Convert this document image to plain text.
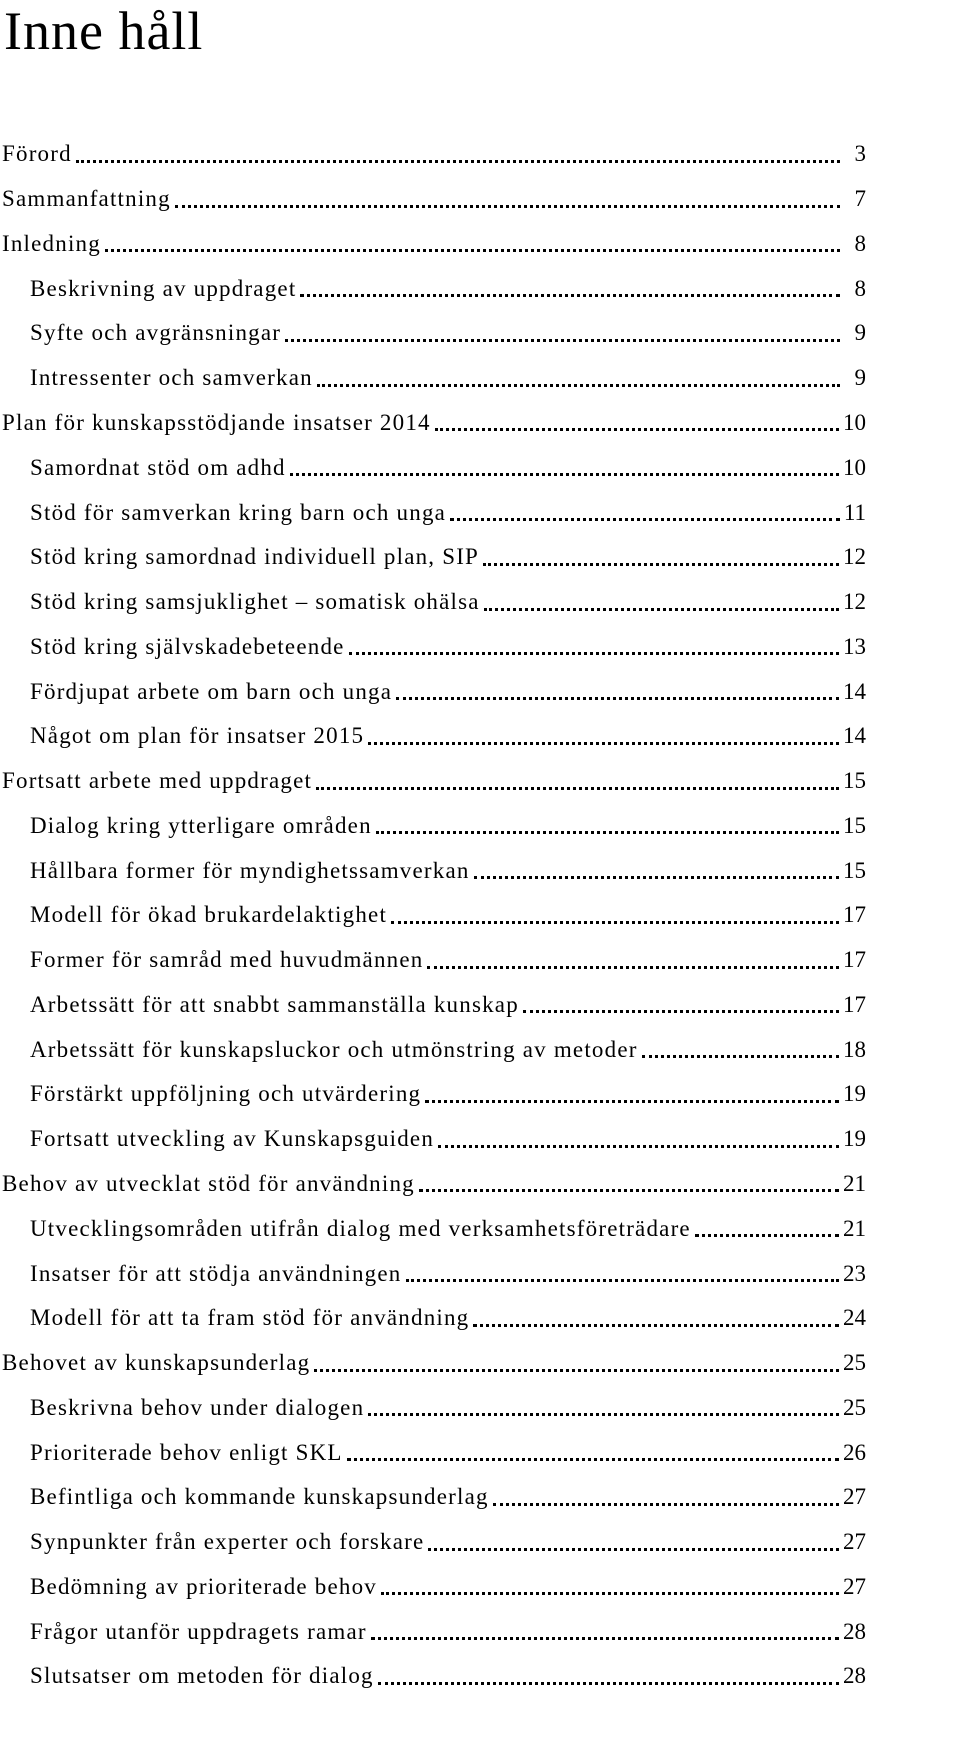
Inne håll
Förord	3
Sammanfattning	7
Inledning	8
Beskrivning av uppdraget	8
Syfte och avgränsningar	9
Intressenter och samverkan	9
Plan för kunskapsstödjande insatser 2014	10
Samordnat stöd om adhd	10
Stöd för samverkan kring barn och unga	11
Stöd kring samordnad individuell plan, SIP	12
Stöd kring samsjuklighet – somatisk ohälsa	12
Stöd kring självskadebeteende	13
Fördjupat arbete om barn och unga	14
Något om plan för insatser 2015	14
Fortsatt arbete med uppdraget	15
Dialog kring ytterligare områden	15
Hållbara former för myndighetssamverkan	15
Modell för ökad brukardelaktighet	17
Former för samråd med huvudmännen	17
Arbetssätt för att snabbt sammanställa kunskap	17
Arbetssätt för kunskapsluckor och utmönstring av metoder	18
Förstärkt uppföljning och utvärdering	19
Fortsatt utveckling av Kunskapsguiden	19
Behov av utvecklat stöd för användning	21
Utvecklingsområden utifrån dialog med verksamhetsföreträdare	21
Insatser för att stödja användningen	23
Modell för att ta fram stöd för användning	24
Behovet av kunskapsunderlag	25
Beskrivna behov under dialogen	25
Prioriterade behov enligt SKL	26
Befintliga och kommande kunskapsunderlag	27
Synpunkter från experter och forskare	27
Bedömning av prioriterade behov	27
Frågor utanför uppdragets ramar	28
Slutsatser om metoden för dialog	28
